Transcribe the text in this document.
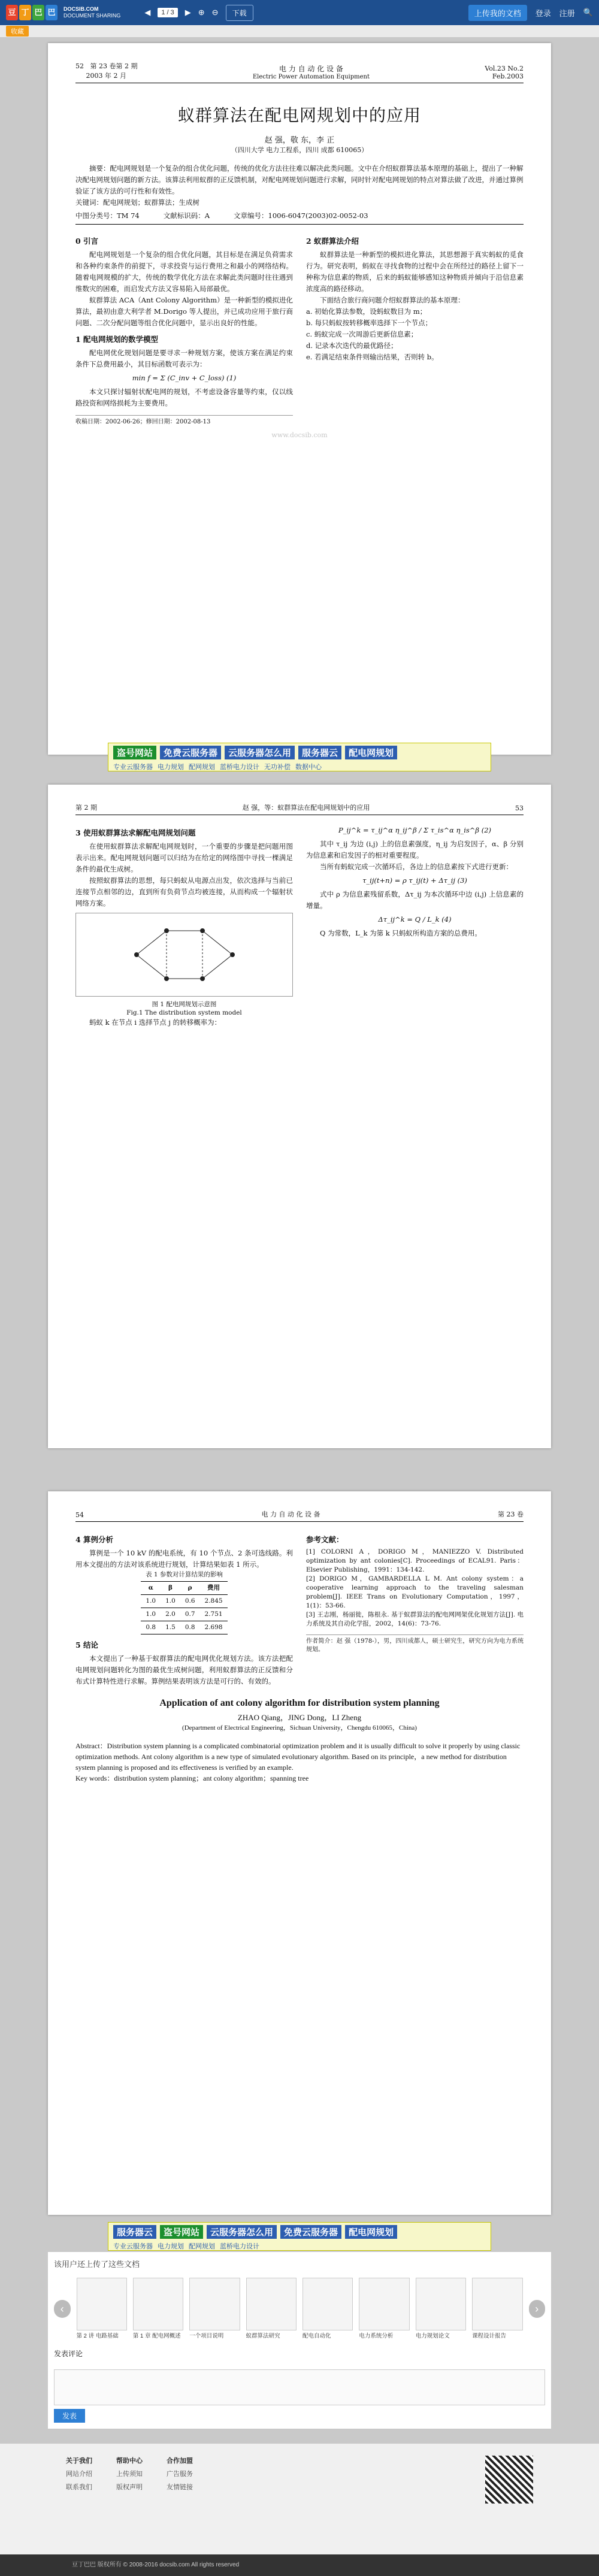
豆 丁 巴 巴	DOCSIB.COM
DOCUMENT SHARING	◀	1 / 3	▶ ⊕ ⊖	下载	上传我的文档	登录 注册 🔍
收藏
52 第 23 卷第 2 期
2003 年 2 月
电 力 自 动 化 设 备
Electric Power Automation Equipment
Vol.23 No.2
Feb.2003
蚁群算法在配电网规划中的应用
赵 强，敬 东，李 正
（四川大学 电力工程系，四川 成都 610065）
摘要：配电网规划是一个复杂的组合优化问题，传统的优化方法往往难以解决此类问题。文中在介绍蚁群算法基本原理的基础上，提出了一种解决配电网规划问题的新方法。该算法利用蚁群的正反馈机制，对配电网规划问题进行求解，同时针对配电网规划的特点对算法做了改进，并通过算例验证了该方法的可行性和有效性。
关键词：配电网规划；蚁群算法；生成树
中图分类号：TM 74	文献标识码：A	文章编号：1006-6047(2003)02-0052-03
0 引言

配电网规划是一个复杂的组合优化问题，其目标是在满足负荷需求和各种约束条件的前提下，寻求投资与运行费用之和最小的网络结构。随着电网规模的扩大，传统的数学优化方法在求解此类问题时往往遇到维数灾的困难，而启发式方法又容易陷入局部最优。

蚁群算法 ACA（Ant Colony Algorithm）是一种新型的模拟进化算法，最初由意大利学者 M.Dorigo 等人提出，并已成功应用于旅行商问题、二次分配问题等组合优化问题中，显示出良好的性能。

1 配电网规划的数学模型

配电网优化规划问题是要寻求一种规划方案，使该方案在满足约束条件下总费用最小，其目标函数可表示为：

min f = Σ (C_inv + C_loss) (1)

本文只探讨辐射状配电网的规划，不考虑设备容量等约束，仅以线路投资和网络损耗为主要费用。

收稿日期：2002-06-26；修回日期：2002-08-13
2 蚁群算法介绍

蚁群算法是一种新型的模拟进化算法，其思想源于真实蚂蚁的觅食行为。研究表明，蚂蚁在寻找食物的过程中会在所经过的路径上留下一种称为信息素的物质，后来的蚂蚁能够感知这种物质并倾向于沿信息素浓度高的路径移动。

下面结合旅行商问题介绍蚁群算法的基本原理：

a. 初始化算法参数，设蚂蚁数目为 m；
b. 每只蚂蚁按转移概率选择下一个节点；
c. 蚂蚁完成一次周游后更新信息素；
d. 记录本次迭代的最优路径；
e. 若满足结束条件则输出结果，否则转 b。
www.docsib.com
盗号网站	免费云服务器	云服务器怎么用	服务器云	配电网规划
专业云服务器 电力规划 配网规划 蓝桥电力设计 无功补偿 数据中心
第 2 期	赵 强，等：蚁群算法在配电网规划中的应用	53
3 使用蚁群算法求解配电网规划问题

在使用蚁群算法求解配电网规划时，一个重要的步骤是把问题用图表示出来。配电网规划问题可以归结为在给定的网络图中寻找一棵满足条件的最优生成树。

按照蚁群算法的思想，每只蚂蚁从电源点出发，依次选择与当前已连接节点相邻的边，直到所有负荷节点均被连接，从而构成一个辐射状网络方案。

图 1 配电网规划示意图
Fig.1 The distribution system model

蚂蚁 k 在节点 i 选择节点 j 的转移概率为：

P_ij^k = τ_ij^α η_ij^β / Σ τ_is^α η_is^β (2)

其中 τ_ij 为边 (i,j) 上的信息素强度，η_ij 为启发因子，α、β 分别为信息素和启发因子的相对重要程度。

当所有蚂蚁完成一次循环后，各边上的信息素按下式进行更新：

τ_ij(t+n) = ρ τ_ij(t) + Δτ_ij (3)

式中 ρ 为信息素残留系数，Δτ_ij 为本次循环中边 (i,j) 上信息素的增量。

Δτ_ij^k = Q / L_k (4)

Q 为常数，L_k 为第 k 只蚂蚁所构造方案的总费用。

54	电 力 自 动 化 设 备	第 23 卷
4 算例分析

算例是一个 10 kV 的配电系统，有 10 个节点、2 条可选线路。利用本文提出的方法对该系统进行规划，计算结果如表 1 所示。

表 1 参数对计算结果的影响
α	β	ρ	费用
1.0	1.0	0.6	2.845
1.0	2.0	0.7	2.751
0.8	1.5	0.8	2.698
5 结论

本文提出了一种基于蚁群算法的配电网优化规划方法。该方法把配电网规划问题转化为图的最优生成树问题，利用蚁群算法的正反馈和分布式计算特性进行求解。算例结果表明该方法是可行的、有效的。

参考文献：
[1] COLORNI A，DORIGO M，MANIEZZO V. Distributed optimization by ant colonies[C]. Proceedings of ECAL91. Paris：Elsevier Publishing，1991：134-142.
[2] DORIGO M，GAMBARDELLA L M. Ant colony system：a cooperative learning approach to the traveling salesman problem[J]. IEEE Trans on Evolutionary Computation，1997，1(1)：53-66.
[3] 王志刚，杨丽徙，陈根永. 基于蚁群算法的配电网网架优化规划方法[J]. 电力系统及其自动化学报，2002，14(6)：73-76.
作者简介：赵 强（1978-），男，四川成都人，硕士研究生，研究方向为电力系统规划。
Application of ant colony algorithm for distribution system planning
ZHAO Qiang，JING Dong，LI Zheng
(Department of Electrical Engineering，Sichuan University，Chengdu 610065，China)
Abstract：Distribution system planning is a complicated combinatorial optimization problem and it is usually difficult to solve it properly by using classic optimization methods. Ant colony algorithm is a new type of simulated evolutionary algorithm. Based on its principle，a new method for distribution system planning is proposed and its effectiveness is verified by an example.
Key words：distribution system planning；ant colony algorithm；spanning tree
服务器云	盗号网站	云服务器怎么用	免费云服务器	配电网规划
专业云服务器 电力规划 配网规划 蓝桥电力设计
该用户还上传了这些文档
‹
第 2 讲 电路基础	第 1 章 配电网概述	一个项目说明	蚁群算法研究	配电自动化	电力系统分析	电力规划论文	课程设计报告
›
发表评论
发表
关于我们
网站介绍
联系我们
帮助中心
上传须知
版权声明
合作加盟
广告服务
友情链接
豆丁巴巴 版权所有 © 2008-2016 docsib.com All rights reserved
